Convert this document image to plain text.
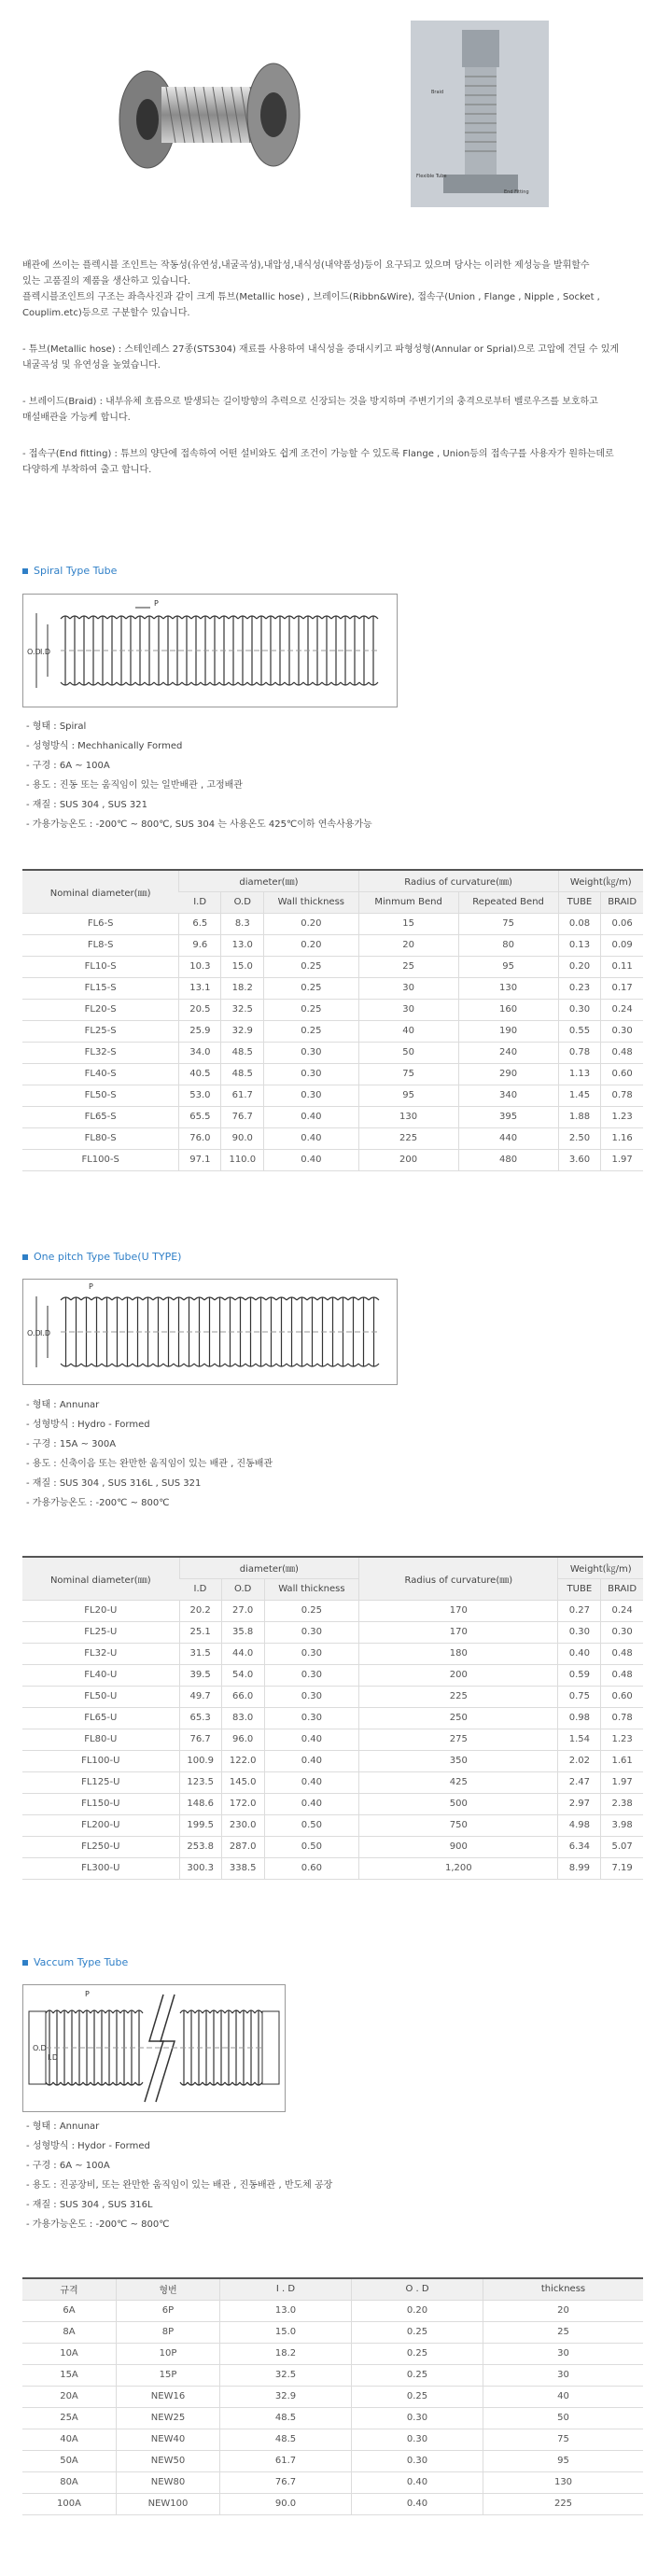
Braid
Flexible Tube
End Fitting

배관에 쓰이는 플렉시블 조인트는 작동성(유연성,내굴곡성),내압성,내식성(내약품성)등이 요구되고 있으며 당사는 이러한 제성능을 발휘할수

있는 고품질의 제품을 생산하고 있습니다.

플렉시블조인트의 구조는 좌측사진과 같이 크게 튜브(Metallic hose) , 브레이드(Ribbn&Wire), 접속구(Union , Flange , Nipple , Socket ,

Couplim.etc)등으로 구분할수 있습니다.

- 튜브(Metallic hose) : 스테인레스 27종(STS304) 재료를 사용하여 내식성을 증대시키고 파형성형(Annular or Sprial)으로 고압에 견딜 수 있게

내굴곡성 및 유연성을 높였습니다.

- 브레이드(Braid) : 내부유체 흐름으로 발생되는 길이방향의 추력으로 신장되는 것을 방지하며 주변기기의 충격으로부터 벨로우즈를 보호하고

매설배관을 가능케 합니다.

- 접속구(End fitting) : 튜브의 양단에 접속하여 어떤 설비와도 쉽게 조건이 가능할 수 있도록 Flange , Union등의 접속구를 사용자가 원하는데로

다양하게 부착하여 출고 합니다.

Spiral Type Tube
O.D I.D
P
- 형태 : Spiral
- 성형방식 : Mechhanically Formed
- 구경 : 6A ~ 100A
- 용도 : 진동 또는 움직임이 있는 일반배관 , 고정배관
- 재질 : SUS 304 , SUS 321
- 가용가능온도 : -200℃ ~ 800℃, SUS 304 는 사용온도 425℃이하 연속사용가능
Nominal diameter(㎜)	diameter(㎜)			Radius of curvature(㎜)		Weight(㎏/m)	
	I.D	O.D	Wall thickness	Minmum Bend	Repeated Bend	TUBE	BRAID
FL6-S	6.5	8.3	0.20	15	75	0.08	0.06
FL8-S	9.6	13.0	0.20	20	80	0.13	0.09
FL10-S	10.3	15.0	0.25	25	95	0.20	0.11
FL15-S	13.1	18.2	0.25	30	130	0.23	0.17
FL20-S	20.5	32.5	0.25	30	160	0.30	0.24
FL25-S	25.9	32.9	0.25	40	190	0.55	0.30
FL32-S	34.0	48.5	0.30	50	240	0.78	0.48
FL40-S	40.5	48.5	0.30	75	290	1.13	0.60
FL50-S	53.0	61.7	0.30	95	340	1.45	0.78
FL65-S	65.5	76.7	0.40	130	395	1.88	1.23
FL80-S	76.0	90.0	0.40	225	440	2.50	1.16
FL100-S	97.1	110.0	0.40	200	480	3.60	1.97
One pitch Type Tube(U TYPE)
O.D I.D
P
- 형태 : Annunar
- 성형방식 : Hydro - Formed
- 구경 : 15A ~ 300A
- 용도 : 신축이음 또는 완만한 움직임이 있는 배관 , 진동배관
- 재질 : SUS 304 , SUS 316L , SUS 321
- 가용가능온도 : -200℃ ~ 800℃
Nominal diameter(㎜)	diameter(㎜)			Radius of curvature(㎜)	Weight(㎏/m)	
	I.D	O.D	Wall thickness		TUBE	BRAID
FL20-U	20.2	27.0	0.25	170	0.27	0.24
FL25-U	25.1	35.8	0.30	170	0.30	0.30
FL32-U	31.5	44.0	0.30	180	0.40	0.48
FL40-U	39.5	54.0	0.30	200	0.59	0.48
FL50-U	49.7	66.0	0.30	225	0.75	0.60
FL65-U	65.3	83.0	0.30	250	0.98	0.78
FL80-U	76.7	96.0	0.40	275	1.54	1.23
FL100-U	100.9	122.0	0.40	350	2.02	1.61
FL125-U	123.5	145.0	0.40	425	2.47	1.97
FL150-U	148.6	172.0	0.40	500	2.97	2.38
FL200-U	199.5	230.0	0.50	750	4.98	3.98
FL250-U	253.8	287.0	0.50	900	6.34	5.07
FL300-U	300.3	338.5	0.60	1,200	8.99	7.19
Vaccum Type Tube
O.D
I.D
P
- 형태 : Annunar
- 성형방식 : Hydor - Formed
- 구경 : 6A ~ 100A
- 용도 : 진공장비, 또는 완만한 움직임이 있는 배관 , 진동배관 , 반도체 공장
- 재질 : SUS 304 , SUS 316L
- 가용가능온도 : -200℃ ~ 800℃
규격	형번	I . D	O . D	thickness
6A	6P	13.0	0.20	20
8A	8P	15.0	0.25	25
10A	10P	18.2	0.25	30
15A	15P	32.5	0.25	30
20A	NEW16	32.9	0.25	40
25A	NEW25	48.5	0.30	50
40A	NEW40	48.5	0.30	75
50A	NEW50	61.7	0.30	95
80A	NEW80	76.7	0.40	130
100A	NEW100	90.0	0.40	225
